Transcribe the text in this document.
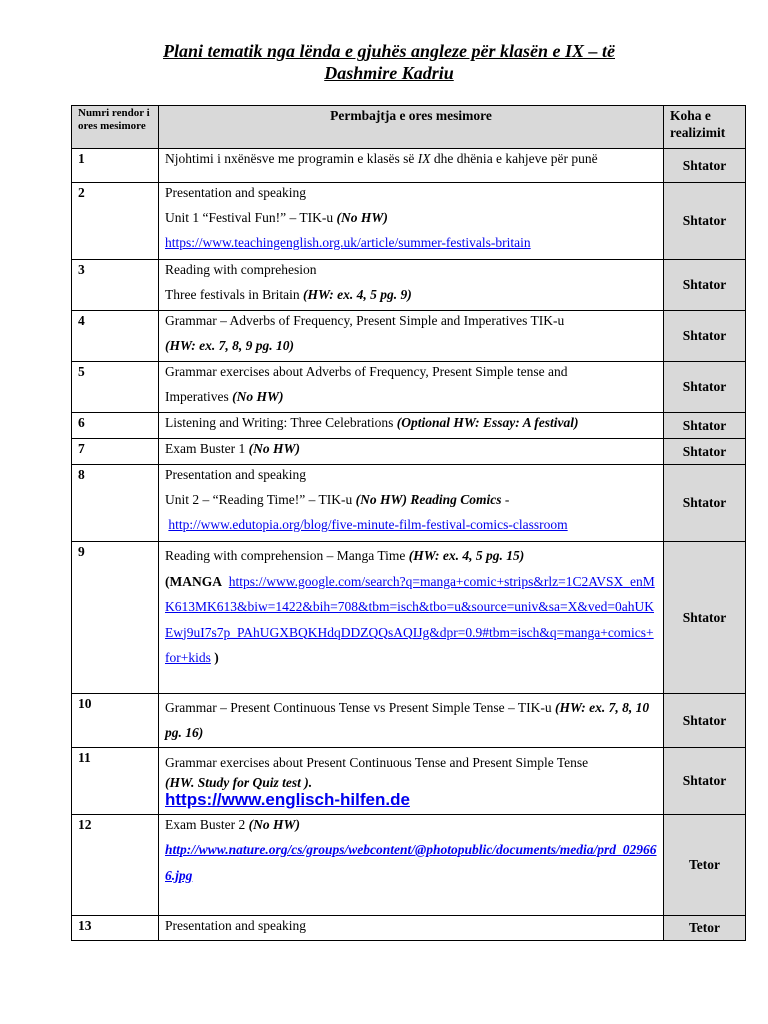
Plani tematik nga lënda e gjuhës angleze për klasën e IX – të
Dashmire Kadriu
Numri rendor i ores mesimore	Permbajtja e ores mesimore	Koha e realizimit
1	Njohtimi i nxënësve me programin e klasës së IX dhe dhënia e kahjeve për punë	Shtator
2	Presentation and speaking
Unit 1 “Festival Fun!” – TIK-u (No HW)
https://www.teachingenglish.org.uk/article/summer-festivals-britain	Shtator
3	Reading with comprehesion
Three festivals in Britain (HW: ex. 4, 5 pg. 9)	Shtator
4	Grammar – Adverbs of Frequency, Present Simple and Imperatives TIK-u
(HW: ex. 7, 8, 9 pg. 10)	Shtator
5	Grammar exercises about Adverbs of Frequency, Present Simple tense and
Imperatives (No HW)	Shtator
6	Listening and Writing: Three Celebrations (Optional HW: Essay: A festival)	Shtator
7	Exam Buster 1 (No HW)	Shtator
8	Presentation and speaking
Unit 2 – “Reading Time!” – TIK-u (No HW) Reading Comics -
http://www.edutopia.org/blog/five-minute-film-festival-comics-classroom	Shtator
9	Reading with comprehension – Manga Time (HW: ex. 4, 5 pg. 15)
(MANGA https://www.google.com/search?q=manga+comic+strips&rlz=1C2AVSX_enMK613MK613&biw=1422&bih=708&tbm=isch&tbo=u&source=univ&sa=X&ved=0ahUKEwj9uI7s7p_PAhUGXBQKHdqDDZQQsAQIJg&dpr=0.9#tbm=isch&q=manga+comics+for+kids )	Shtator
10	Grammar – Present Continuous Tense vs Present Simple Tense – TIK-u (HW: ex. 7, 8, 10 pg. 16)	Shtator
11	Grammar exercises about Present Continuous Tense and Present Simple Tense
(HW. Study for Quiz test ).
https://www.englisch-hilfen.de	Shtator
12	Exam Buster 2 (No HW)
http://www.nature.org/cs/groups/webcontent/@photopublic/documents/media/prd_029666.jpg	Tetor
13	Presentation and speaking	Tetor
